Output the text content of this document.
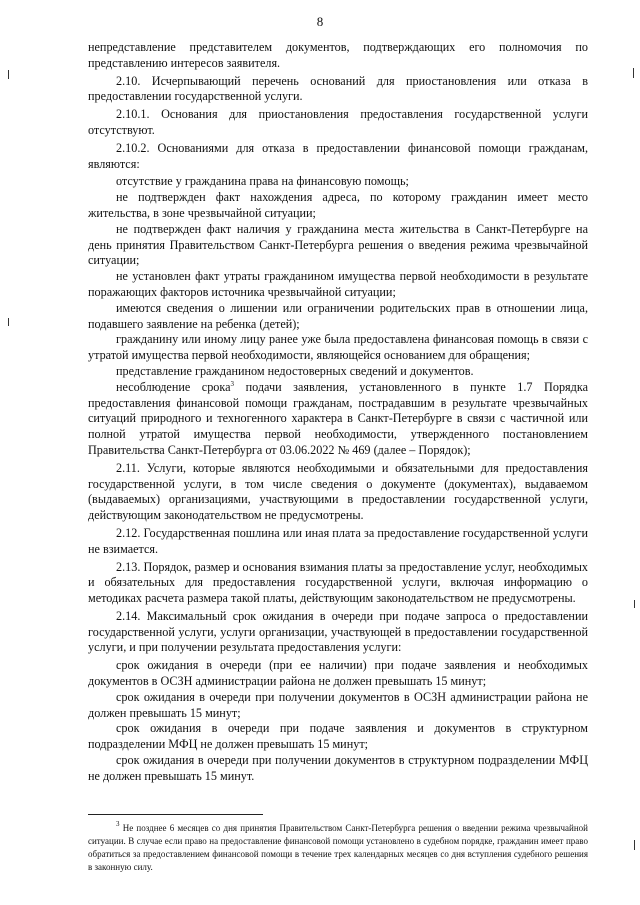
8

непредставление представителем документов, подтверждающих его полномочия по представлению интересов заявителя.

2.10. Исчерпывающий перечень оснований для приостановления или отказа в предоставлении государственной услуги.

2.10.1. Основания для приостановления предоставления государственной услуги отсутствуют.

2.10.2. Основаниями для отказа в предоставлении финансовой помощи гражданам, являются:

отсутствие у гражданина права на финансовую помощь;

не подтвержден факт нахождения адреса, по которому гражданин имеет место жительства, в зоне чрезвычайной ситуации;

не подтвержден факт наличия у гражданина места жительства в Санкт-Петербурге на день принятия Правительством Санкт-Петербурга решения о введения режима чрезвычайной ситуации;

не установлен факт утраты гражданином имущества первой необходимости в результате поражающих факторов источника чрезвычайной ситуации;

имеются сведения о лишении или ограничении родительских прав в отношении лица, подавшего заявление на ребенка (детей);

гражданину или иному лицу ранее уже была предоставлена финансовая помощь в связи с утратой имущества первой необходимости, являющейся основанием для обращения;

представление гражданином недостоверных сведений и документов.

несоблюдение срока$^3$ подачи заявления, установленного в пункте 1.7 Порядка предоставления финансовой помощи гражданам, пострадавшим в результате чрезвычайных ситуаций природного и техногенного характера в Санкт-Петербурге в связи с частичной или полной утратой имущества первой необходимости, утвержденного постановлением Правительства Санкт-Петербурга от 03.06.2022 № 469 (далее – Порядок);

2.11. Услуги, которые являются необходимыми и обязательными для предоставления государственной услуги, в том числе сведения о документе (документах), выдаваемом (выдаваемых) организациями, участвующими в предоставлении государственной услуги, действующим законодательством не предусмотрены.

2.12. Государственная пошлина или иная плата за предоставление государственной услуги не взимается.

2.13. Порядок, размер и основания взимания платы за предоставление услуг, необходимых и обязательных для предоставления государственной услуги, включая информацию о методиках расчета размера такой платы, действующим законодательством не предусмотрены.

2.14. Максимальный срок ожидания в очереди при подаче запроса о предоставлении государственной услуги, услуги организации, участвующей в предоставлении государственной услуги, и при получении результата предоставления услуги:

срок ожидания в очереди (при ее наличии) при подаче заявления и необходимых документов в ОСЗН администрации района не должен превышать 15 минут;

срок ожидания в очереди при получении документов в ОСЗН администрации района не должен превышать 15 минут;

срок ожидания в очереди при подаче заявления и документов в структурном подразделении МФЦ не должен превышать 15 минут;

срок ожидания в очереди при получении документов в структурном подразделении МФЦ не должен превышать 15 минут.

$^3$ Не позднее 6 месяцев со дня принятия Правительством Санкт-Петербурга решения о введении режима чрезвычайной ситуации. В случае если право на предоставление финансовой помощи установлено в судебном порядке, гражданин имеет право обратиться за предоставлением финансовой помощи в течение трех календарных месяцев со дня вступления судебного решения в законную силу.
